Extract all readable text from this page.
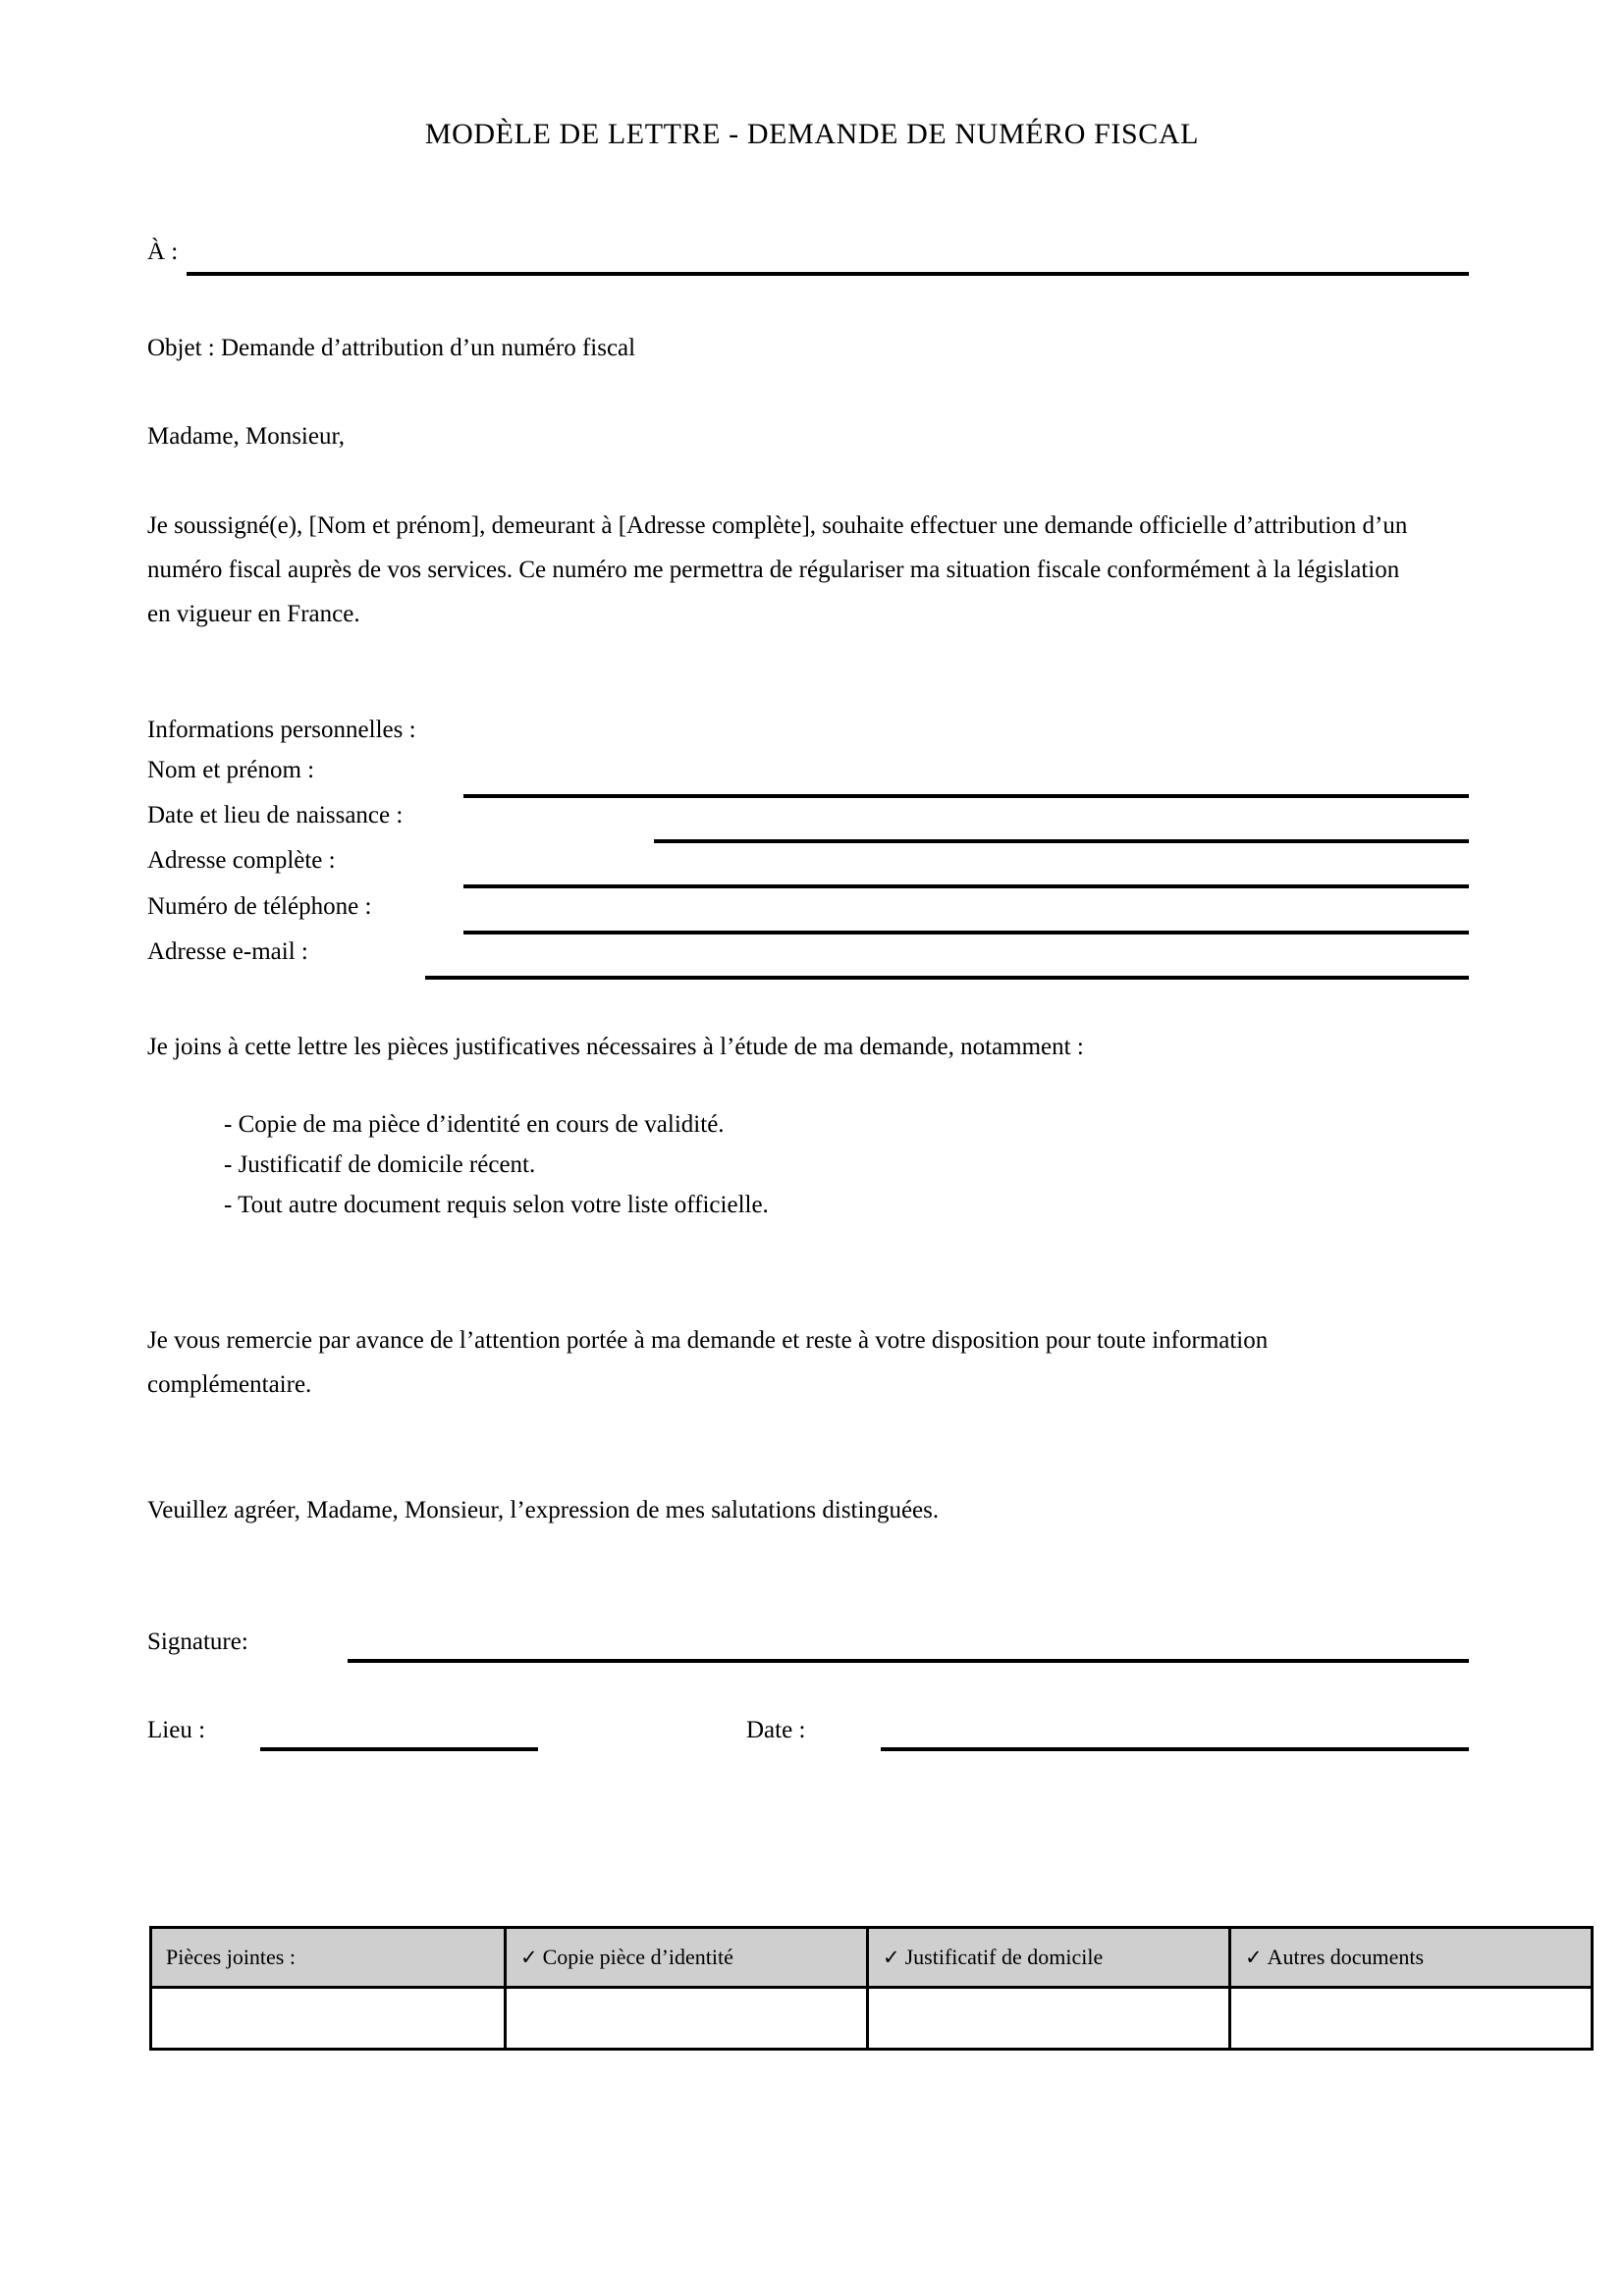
MODÈLE DE LETTRE - DEMANDE DE NUMÉRO FISCAL
À :
Objet : Demande d’attribution d’un numéro fiscal
Madame, Monsieur,
Je soussigné(e), [Nom et prénom], demeurant à [Adresse complète], souhaite effectuer une demande officielle d’attribution d’un numéro fiscal auprès de vos services. Ce numéro me permettra de régulariser ma situation fiscale conformément à la législation en vigueur en France.
Informations personnelles :
Nom et prénom :
Date et lieu de naissance :
Adresse complète :
Numéro de téléphone :
Adresse e-mail :
Je joins à cette lettre les pièces justificatives nécessaires à l’étude de ma demande, notamment :
- Copie de ma pièce d’identité en cours de validité.
- Justificatif de domicile récent.
- Tout autre document requis selon votre liste officielle.
Je vous remercie par avance de l’attention portée à ma demande et reste à votre disposition pour toute information complémentaire.
Veuillez agréer, Madame, Monsieur, l’expression de mes salutations distinguées.
Signature:
Lieu :	Date :
Pièces jointes :	✓ Copie pièce d’identité	✓ Justificatif de domicile	✓ Autres documents
